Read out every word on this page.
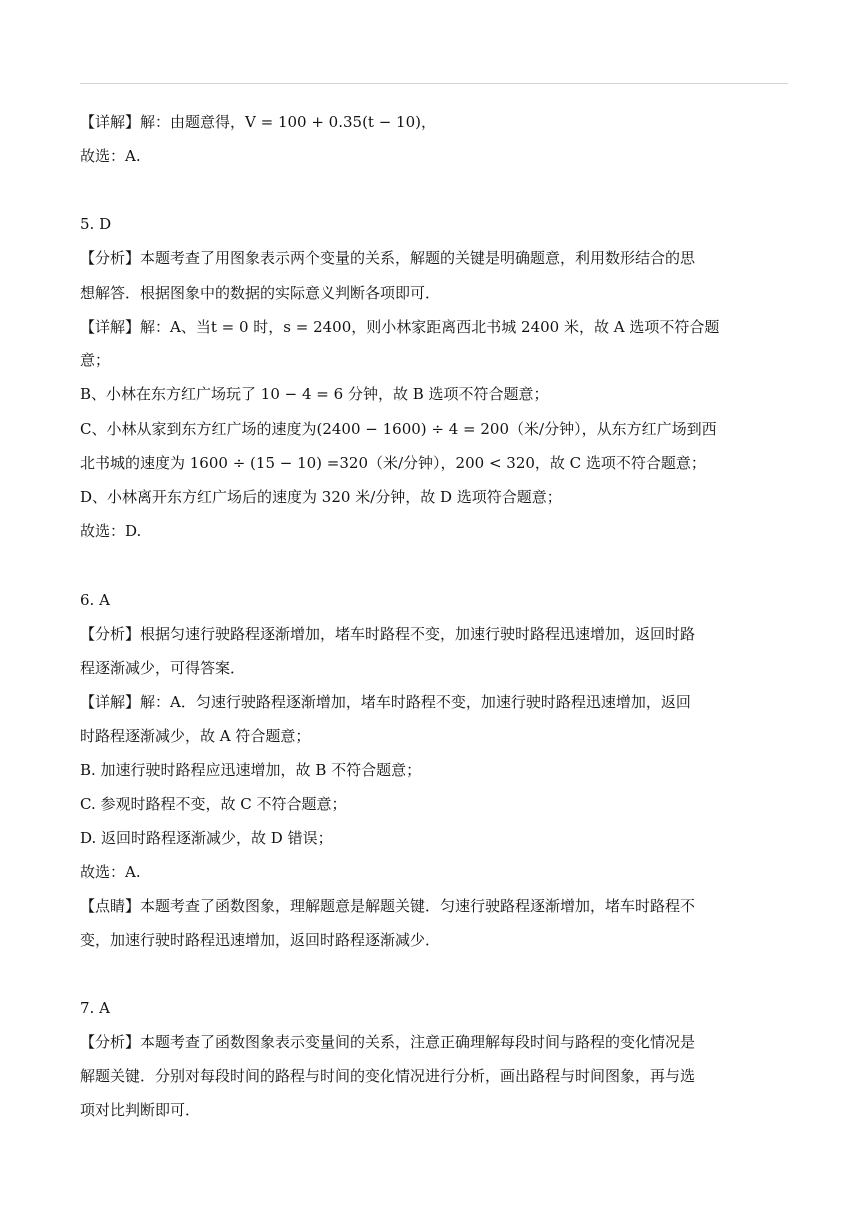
【详解】解：由题意得，V = 100 + 0.35(t − 10)，
故选：A.
5. D
【分析】本题考查了用图象表示两个变量的关系，解题的关键是明确题意，利用数形结合的思
想解答．根据图象中的数据的实际意义判断各项即可．
【详解】解：A、当t = 0 时，s = 2400，则小林家距离西北书城 2400 米，故 A 选项不符合题
意；
B、小林在东方红广场玩了 10 − 4 = 6 分钟，故 B 选项不符合题意；
C、小林从家到东方红广场的速度为(2400 − 1600) ÷ 4 = 200（米/分钟），从东方红广场到西
北书城的速度为 1600 ÷ (15 − 10) =320（米/分钟），200 < 320，故 C 选项不符合题意；
D、小林离开东方红广场后的速度为 320 米/分钟，故 D 选项符合题意；
故选：D.
6. A
【分析】根据匀速行驶路程逐渐增加，堵车时路程不变，加速行驶时路程迅速增加，返回时路
程逐渐减少，可得答案．
【详解】解：A．匀速行驶路程逐渐增加，堵车时路程不变，加速行驶时路程迅速增加，返回
时路程逐渐减少，故 A 符合题意；
B. 加速行驶时路程应迅速增加，故 B 不符合题意；
C. 参观时路程不变，故 C 不符合题意；
D. 返回时路程逐渐减少，故 D 错误；
故选：A.
【点睛】本题考查了函数图象，理解题意是解题关键．匀速行驶路程逐渐增加，堵车时路程不
变，加速行驶时路程迅速增加，返回时路程逐渐减少．
7. A
【分析】本题考查了函数图象表示变量间的关系，注意正确理解每段时间与路程的变化情况是
解题关键．分别对每段时间的路程与时间的变化情况进行分析，画出路程与时间图象，再与选
项对比判断即可．
